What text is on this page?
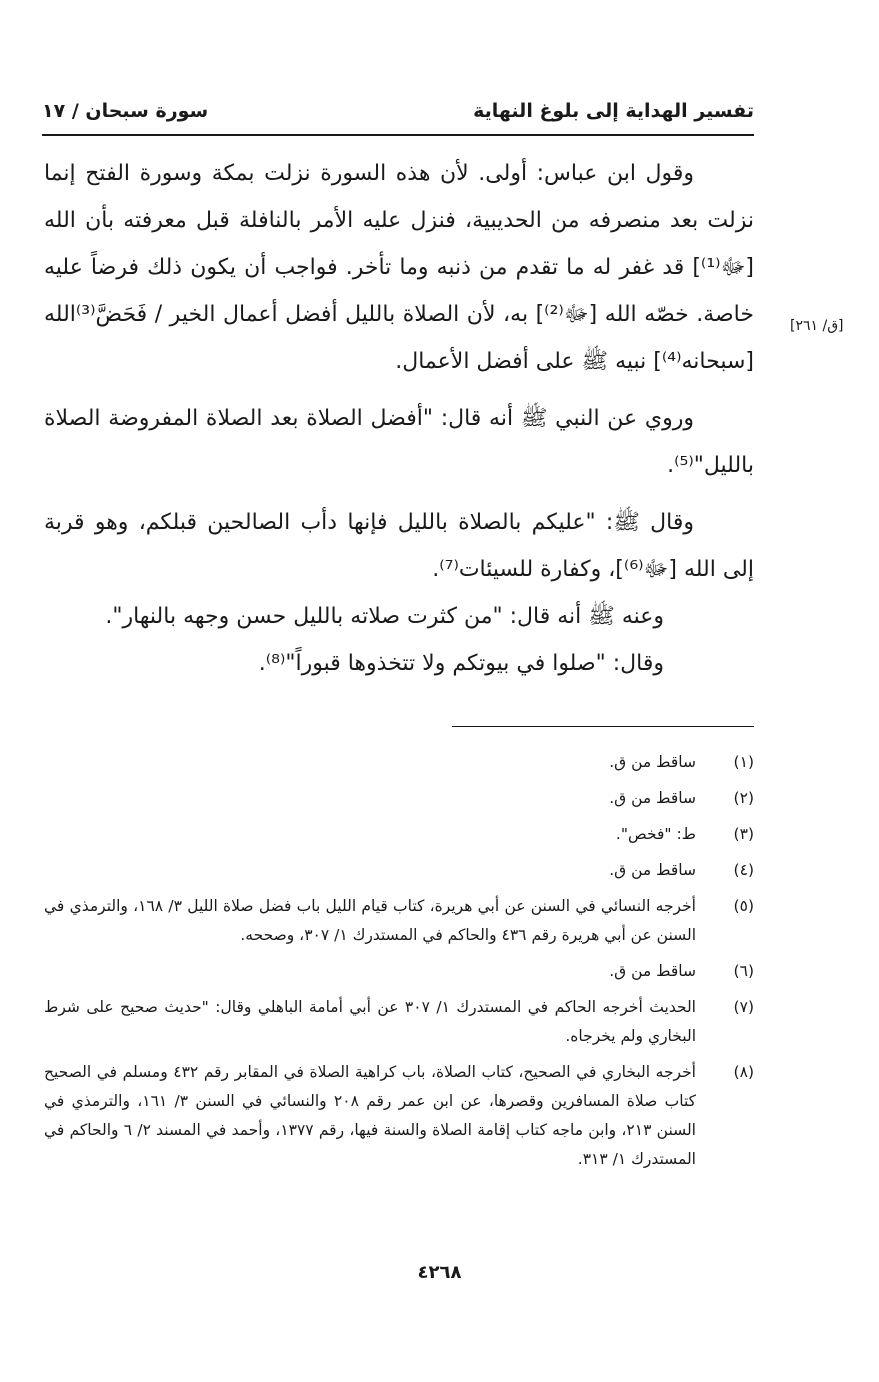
تفسير الهداية إلى بلوغ النهاية
سورة سبحان / ١٧
[ق/ ٢٦١]

وقول ابن عباس: أولى. لأن هذه السورة نزلت بمكة وسورة الفتح إنما نزلت بعد منصرفه من الحديبية، فنزل عليه الأمر بالنافلة قبل معرفته بأن الله [ﷻ⁽¹⁾] قد غفر له ما تقدم من ذنبه وما تأخر. فواجب أن يكون ذلك فرضاً عليه خاصة. خصّه الله [ﷻ⁽²⁾] به، لأن الصلاة بالليل أفضل أعمال الخير / فَحَضَّ⁽³⁾الله [سبحانه⁽⁴⁾] نبيه ﷺ على أفضل الأعمال.

وروي عن النبي ﷺ أنه قال: "أفضل الصلاة بعد الصلاة المفروضة الصلاة بالليل"⁽⁵⁾.

وقال ﷺ: "عليكم بالصلاة بالليل فإنها دأب الصالحين قبلكم، وهو قربة إلى الله [ﷻ⁽⁶⁾]، وكفارة للسيئات⁽⁷⁾.

وعنه ﷺ أنه قال: "من كثرت صلاته بالليل حسن وجهه بالنهار".

وقال: "صلوا في بيوتكم ولا تتخذوها قبوراً"⁽⁸⁾.

(١)
ساقط من ق.
(٢)
ساقط من ق.
(٣)
ط: "فخص".
(٤)
ساقط من ق.
(٥)
أخرجه النسائي في السنن عن أبي هريرة، كتاب قيام الليل باب فضل صلاة الليل ٣/ ١٦٨، والترمذي في السنن عن أبي هريرة رقم ٤٣٦ والحاكم في المستدرك ١/ ٣٠٧، وصححه.
(٦)
ساقط من ق.
(٧)
الحديث أخرجه الحاكم في المستدرك ١/ ٣٠٧ عن أبي أمامة الباهلي وقال: "حديث صحيح على شرط البخاري ولم يخرجاه.
(٨)
أخرجه البخاري في الصحيح، كتاب الصلاة، باب كراهية الصلاة في المقابر رقم ٤٣٢ ومسلم في الصحيح كتاب صلاة المسافرين وقصرها، عن ابن عمر رقم ٢٠٨ والنسائي في السنن ٣/ ١٦١، والترمذي في السنن ٢١٣، وابن ماجه كتاب إقامة الصلاة والسنة فيها، رقم ١٣٧٧، وأحمد في المسند ٢/ ٦ والحاكم في المستدرك ١/ ٣١٣.
٤٢٦٨
